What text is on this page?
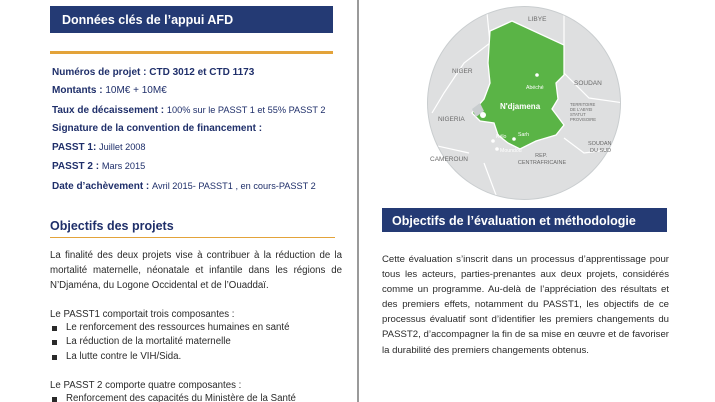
Données clés de l’appui AFD
Numéros de projet : CTD 3012 et CTD 1173
Montants : 10M€ + 10M€
Taux de décaissement : 100% sur le PASST 1 et 55% PASST 2
Signature de la convention de financement :
PASST 1: Juillet 2008
PASST 2 : Mars 2015
Date d’achèvement : Avril 2015- PASST1 , en cours-PASST 2
Objectifs des projets
La finalité des deux projets vise à contribuer à la réduction de la mortalité maternelle, néonatale et infantile dans les régions de N’Djaména, du Logone Occidental et de l’Ouaddaï.

Le PASST1 comportait trois composantes :

Le renforcement des ressources humaines en santé
La réduction de la mortalité maternelle
La lutte contre le VIH/Sida.

Le PASST 2 comporte quatre composantes :

Renforcement des capacités du Ministère de la Santé
LIBYE
NIGER
SOUDAN
TERRITOIRE DE L'ABYEI STATUT PROVISOIRE
NIGERIA
CAMEROUN	REP. CENTRAFRICAINE
SOUDAN DU SUD
Abéché
N'djamena
Kélo Sarh
Moundou
Objectifs de l’évaluation et méthodologie
Cette évaluation s’inscrit dans un processus d’apprentissage pour tous les acteurs, parties-prenantes aux deux projets, considérés comme un programme. Au-delà de l’appréciation des résultats et des premiers effets, notamment du PASST1, les objectifs de ce processus évaluatif sont d’identifier les premiers changements du PASST2, d’accompagner la fin de sa mise en œuvre et de favoriser la durabilité des premiers changements obtenus.
